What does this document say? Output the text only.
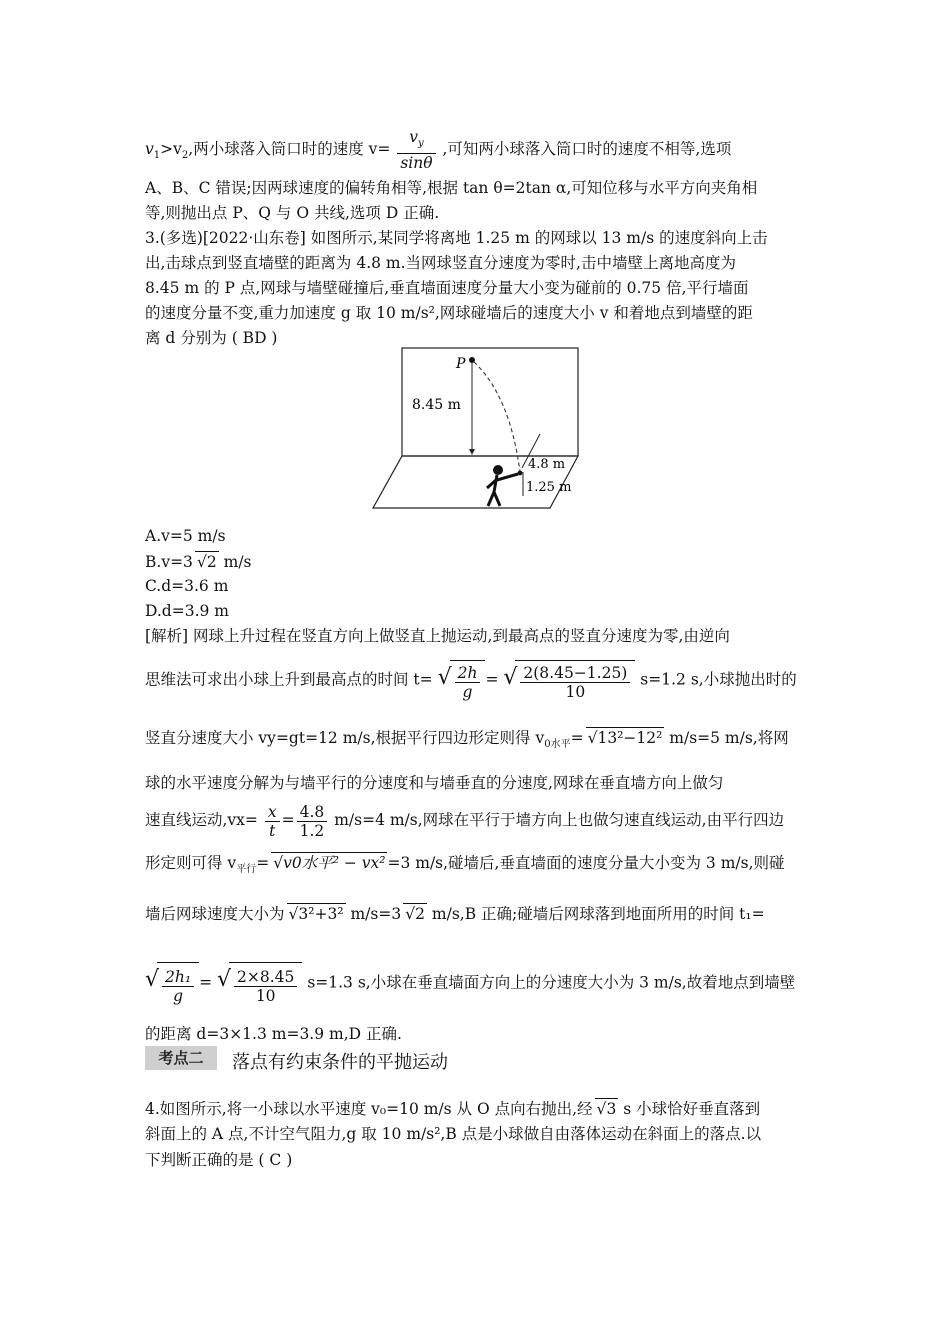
$v_1>v_2$,两小球落入筒口时的速度 $v= \frac{v_y}{\sin\theta}$ ,可知两小球落入筒口时的速度不相等,选项
A、B、C 错误;因两球速度的偏转角相等,根据 tan θ=2tan α,可知位移与水平方向夹角相
等,则抛出点 P、Q 与 O 共线,选项 D 正确.
3.(多选)[2022·山东卷] 如图所示,某同学将离地 1.25 m 的网球以 13 m/s 的速度斜向上击
出,击球点到竖直墙壁的距离为 4.8 m.当网球竖直分速度为零时,击中墙壁上离地高度为
8.45 m 的 P 点,网球与墙壁碰撞后,垂直墙面速度分量大小变为碰前的 0.75 倍,平行墙面
的速度分量不变,重力加速度 g 取 10 m/s²,网球碰墙后的速度大小 v 和着地点到墙壁的距
离 d 分别为 ( BD )
P
8.45 m
4.8 m
1.25 m
A.v=5 m/s
B.v=3 √2 m/s
C.d=3.6 m
D.d=3.9 m
[解析] 网球上升过程在竖直方向上做竖直上抛运动,到最高点的竖直分速度为零,由逆向
思维法可求出小球上升到最高点的时间 t= √ $\frac{2h}{g}$ = √ $\frac{2(8.45-1.25)}{10} s=1.2$ s,小球抛出时的
竖直分速度大小 vy=gt=12 m/s,根据平行四边形定则得 $v_{0水平}= √13^2-12^2$ m/s=5 m/s,将网
球的水平速度分解为与墙平行的分速度和与墙垂直的分速度,网球在垂直墙方向上做匀
速直线运动$,vx= \frac{x}{t} = \frac{4.8}{1.2} m/s=4$ m/s,网球在平行于墙方向上也做匀速直线运动,由平行四边
形定则可得 $v_{平行}= √v0$水平² − vx² =3 m/s,碰墙后,垂直墙面的速度分量大小变为 3 m/s,则碰
墙后网球速度大小为 √3²+3² m/s=3 √2 m/s,B 正确;碰墙后网球落到地面所用的时间 t₁=
√ $\frac{\text{2h₁}}{g}$ = √ $\frac{2\times 8.45}{10} s=1.3$ s,小球在垂直墙面方向上的分速度大小为 3 m/s,故着地点到墙壁
的距离 d=3×1.3 m=3.9 m,D 正确.
考点二	落点有约束条件的平抛运动
4.如图所示,将一小球以水平速度 v₀=10 m/s 从 O 点向右抛出,经 √3 s 小球恰好垂直落到
斜面上的 A 点,不计空气阻力,g 取 10 m/s²,B 点是小球做自由落体运动在斜面上的落点.以
下判断正确的是 ( C )
